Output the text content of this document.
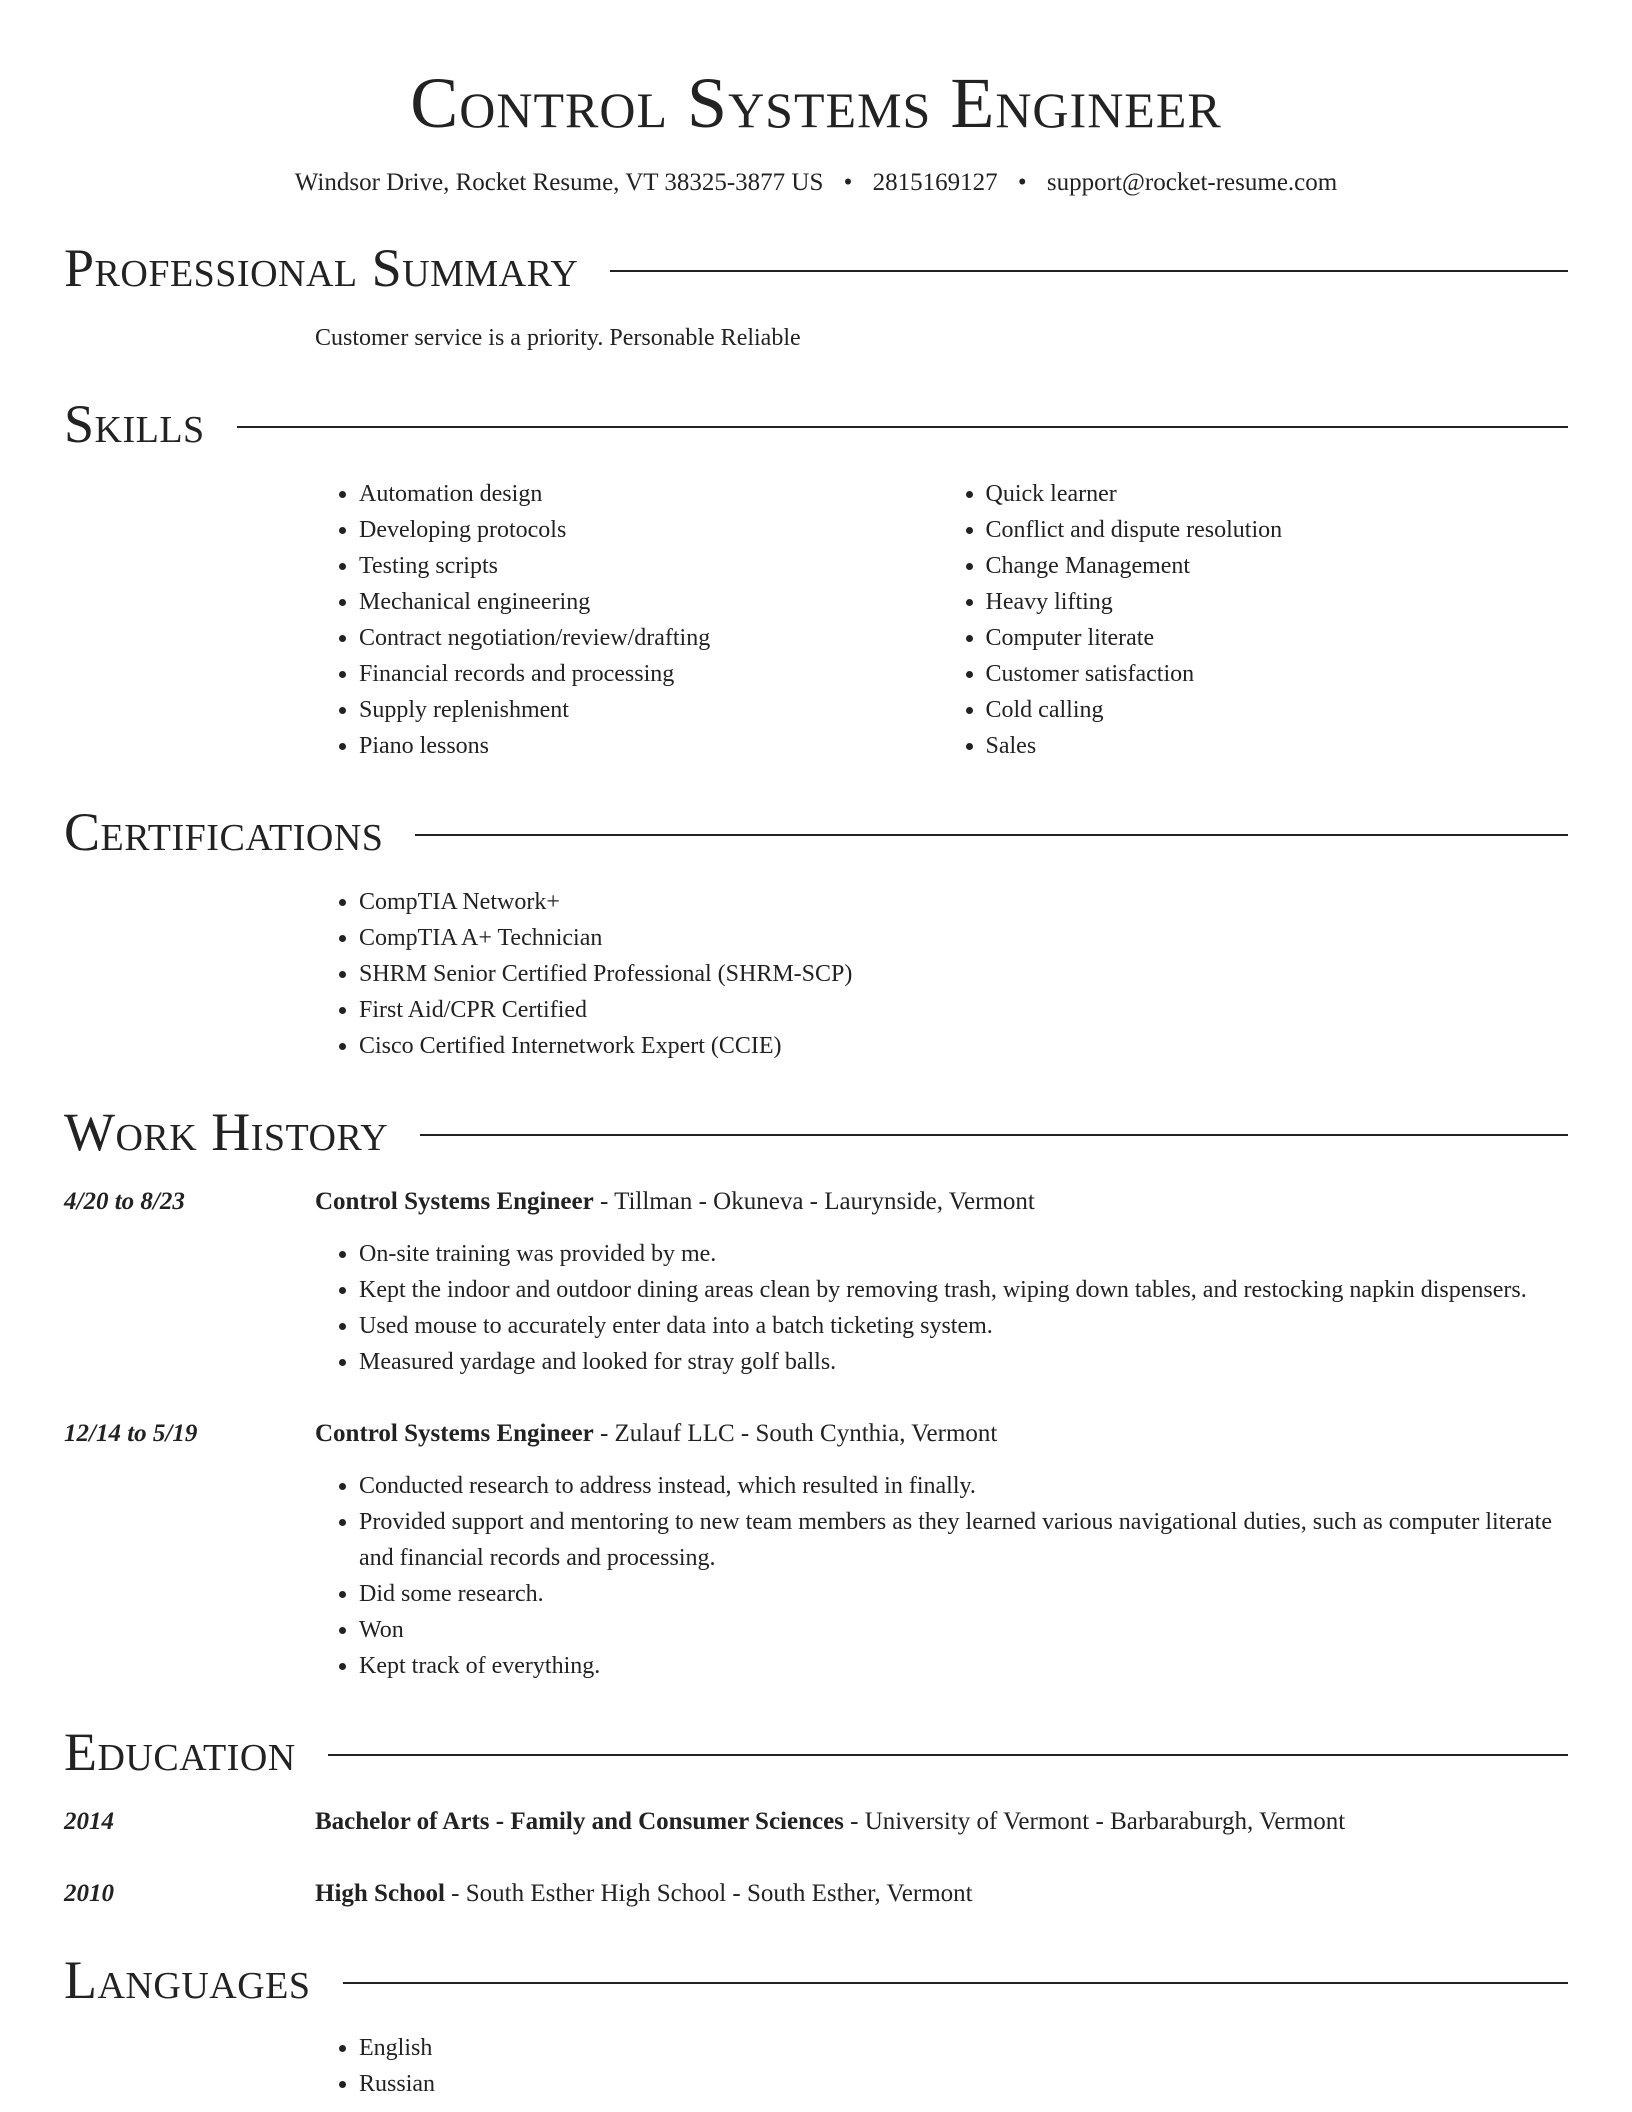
Control Systems Engineer
Windsor Drive, Rocket Resume, VT 38325-3877 US • 2815169127 • support@rocket-resume.com
Professional Summary
Customer service is a priority. Personable Reliable
Skills
• Automation design
• Developing protocols
• Testing scripts
• Mechanical engineering
• Contract negotiation/review/drafting
• Financial records and processing
• Supply replenishment
• Piano lessons
• Quick learner
• Conflict and dispute resolution
• Change Management
• Heavy lifting
• Computer literate
• Customer satisfaction
• Cold calling
• Sales
Certifications
• CompTIA Network+
• CompTIA A+ Technician
• SHRM Senior Certified Professional (SHRM-SCP)
• First Aid/CPR Certified
• Cisco Certified Internetwork Expert (CCIE)
Work History
4/20 to 8/23	Control Systems Engineer - Tillman - Okuneva - Laurynside, Vermont
• On-site training was provided by me.
• Kept the indoor and outdoor dining areas clean by removing trash, wiping down tables, and restocking napkin dispensers.
• Used mouse to accurately enter data into a batch ticketing system.
• Measured yardage and looked for stray golf balls.
12/14 to 5/19	Control Systems Engineer - Zulauf LLC - South Cynthia, Vermont
• Conducted research to address instead, which resulted in finally.
• Provided support and mentoring to new team members as they learned various navigational duties, such as computer literate and financial records and processing.
• Did some research.
• Won
• Kept track of everything.
Education
2014	Bachelor of Arts - Family and Consumer Sciences - University of Vermont - Barbaraburgh, Vermont
2010	High School - South Esther High School - South Esther, Vermont
Languages
• English
• Russian
